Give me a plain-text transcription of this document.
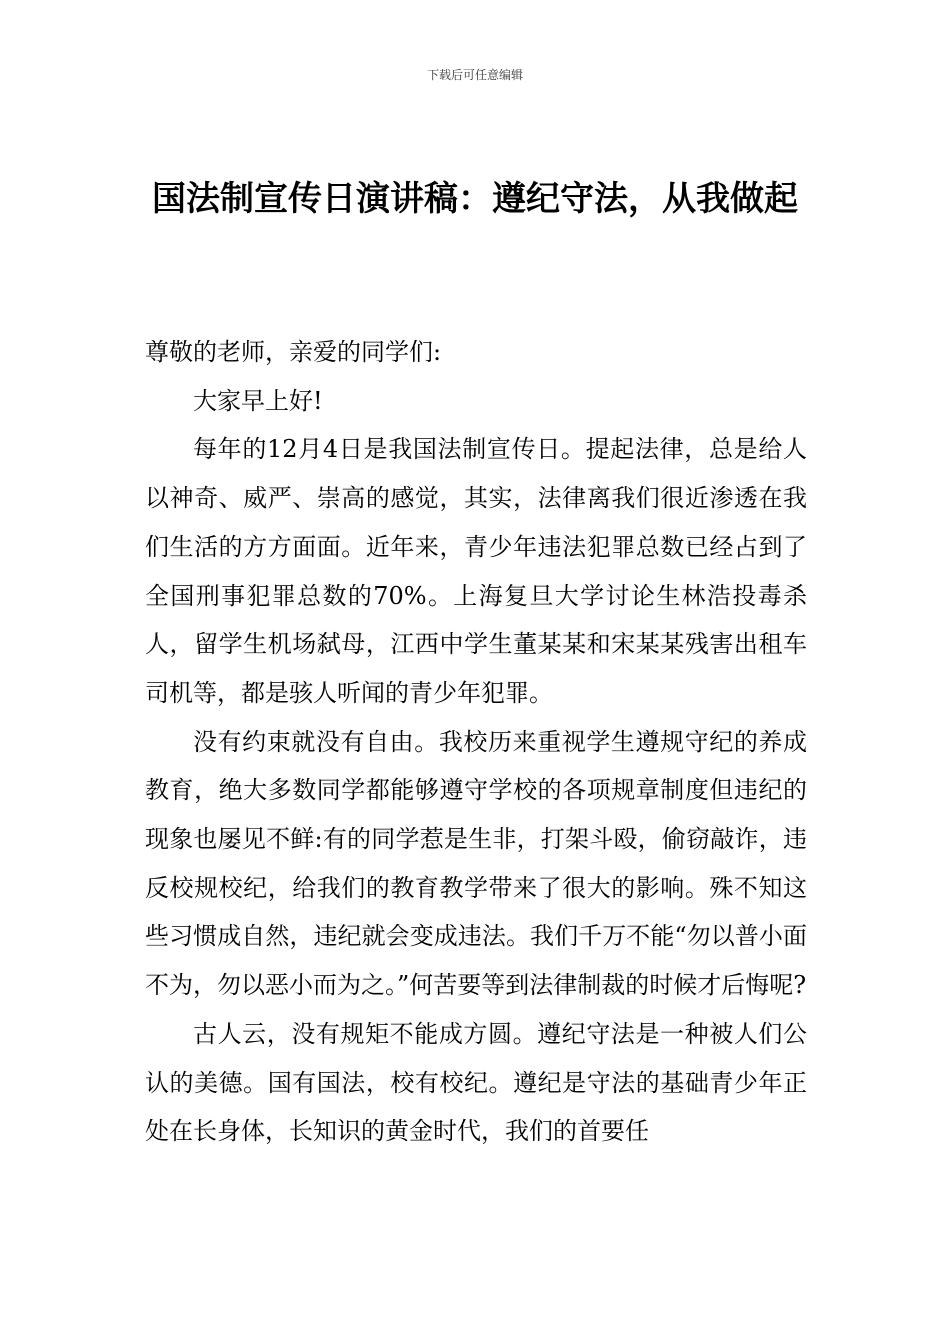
下载后可任意编辑
国法制宣传日演讲稿：遵纪守法，从我做起

尊敬的老师，亲爱的同学们:

大家早上好!

每年的12月4日是我国法制宣传日。提起法律，总是给人以神奇、威严、崇高的感觉，其实，法律离我们很近渗透在我们生活的方方面面。近年来，青少年违法犯罪总数已经占到了全国刑事犯罪总数的70%。上海复旦大学讨论生林浩投毒杀人，留学生机场弑母，江西中学生董某某和宋某某残害出租车司机等，都是骇人听闻的青少年犯罪。

没有约束就没有自由。我校历来重视学生遵规守纪的养成教育，绝大多数同学都能够遵守学校的各项规章制度但违纪的现象也屡见不鲜:有的同学惹是生非，打架斗殴，偷窃敲诈，违反校规校纪，给我们的教育教学带来了很大的影响。殊不知这些习惯成自然，违纪就会变成违法。我们千万不能“勿以普小面不为，勿以恶小而为之。”何苦要等到法律制裁的时候才后悔呢?

古人云，没有规矩不能成方圆。遵纪守法是一种被人们公认的美德。国有国法，校有校纪。遵纪是守法的基础青少年正处在长身体，长知识的黄金时代，我们的首要任
